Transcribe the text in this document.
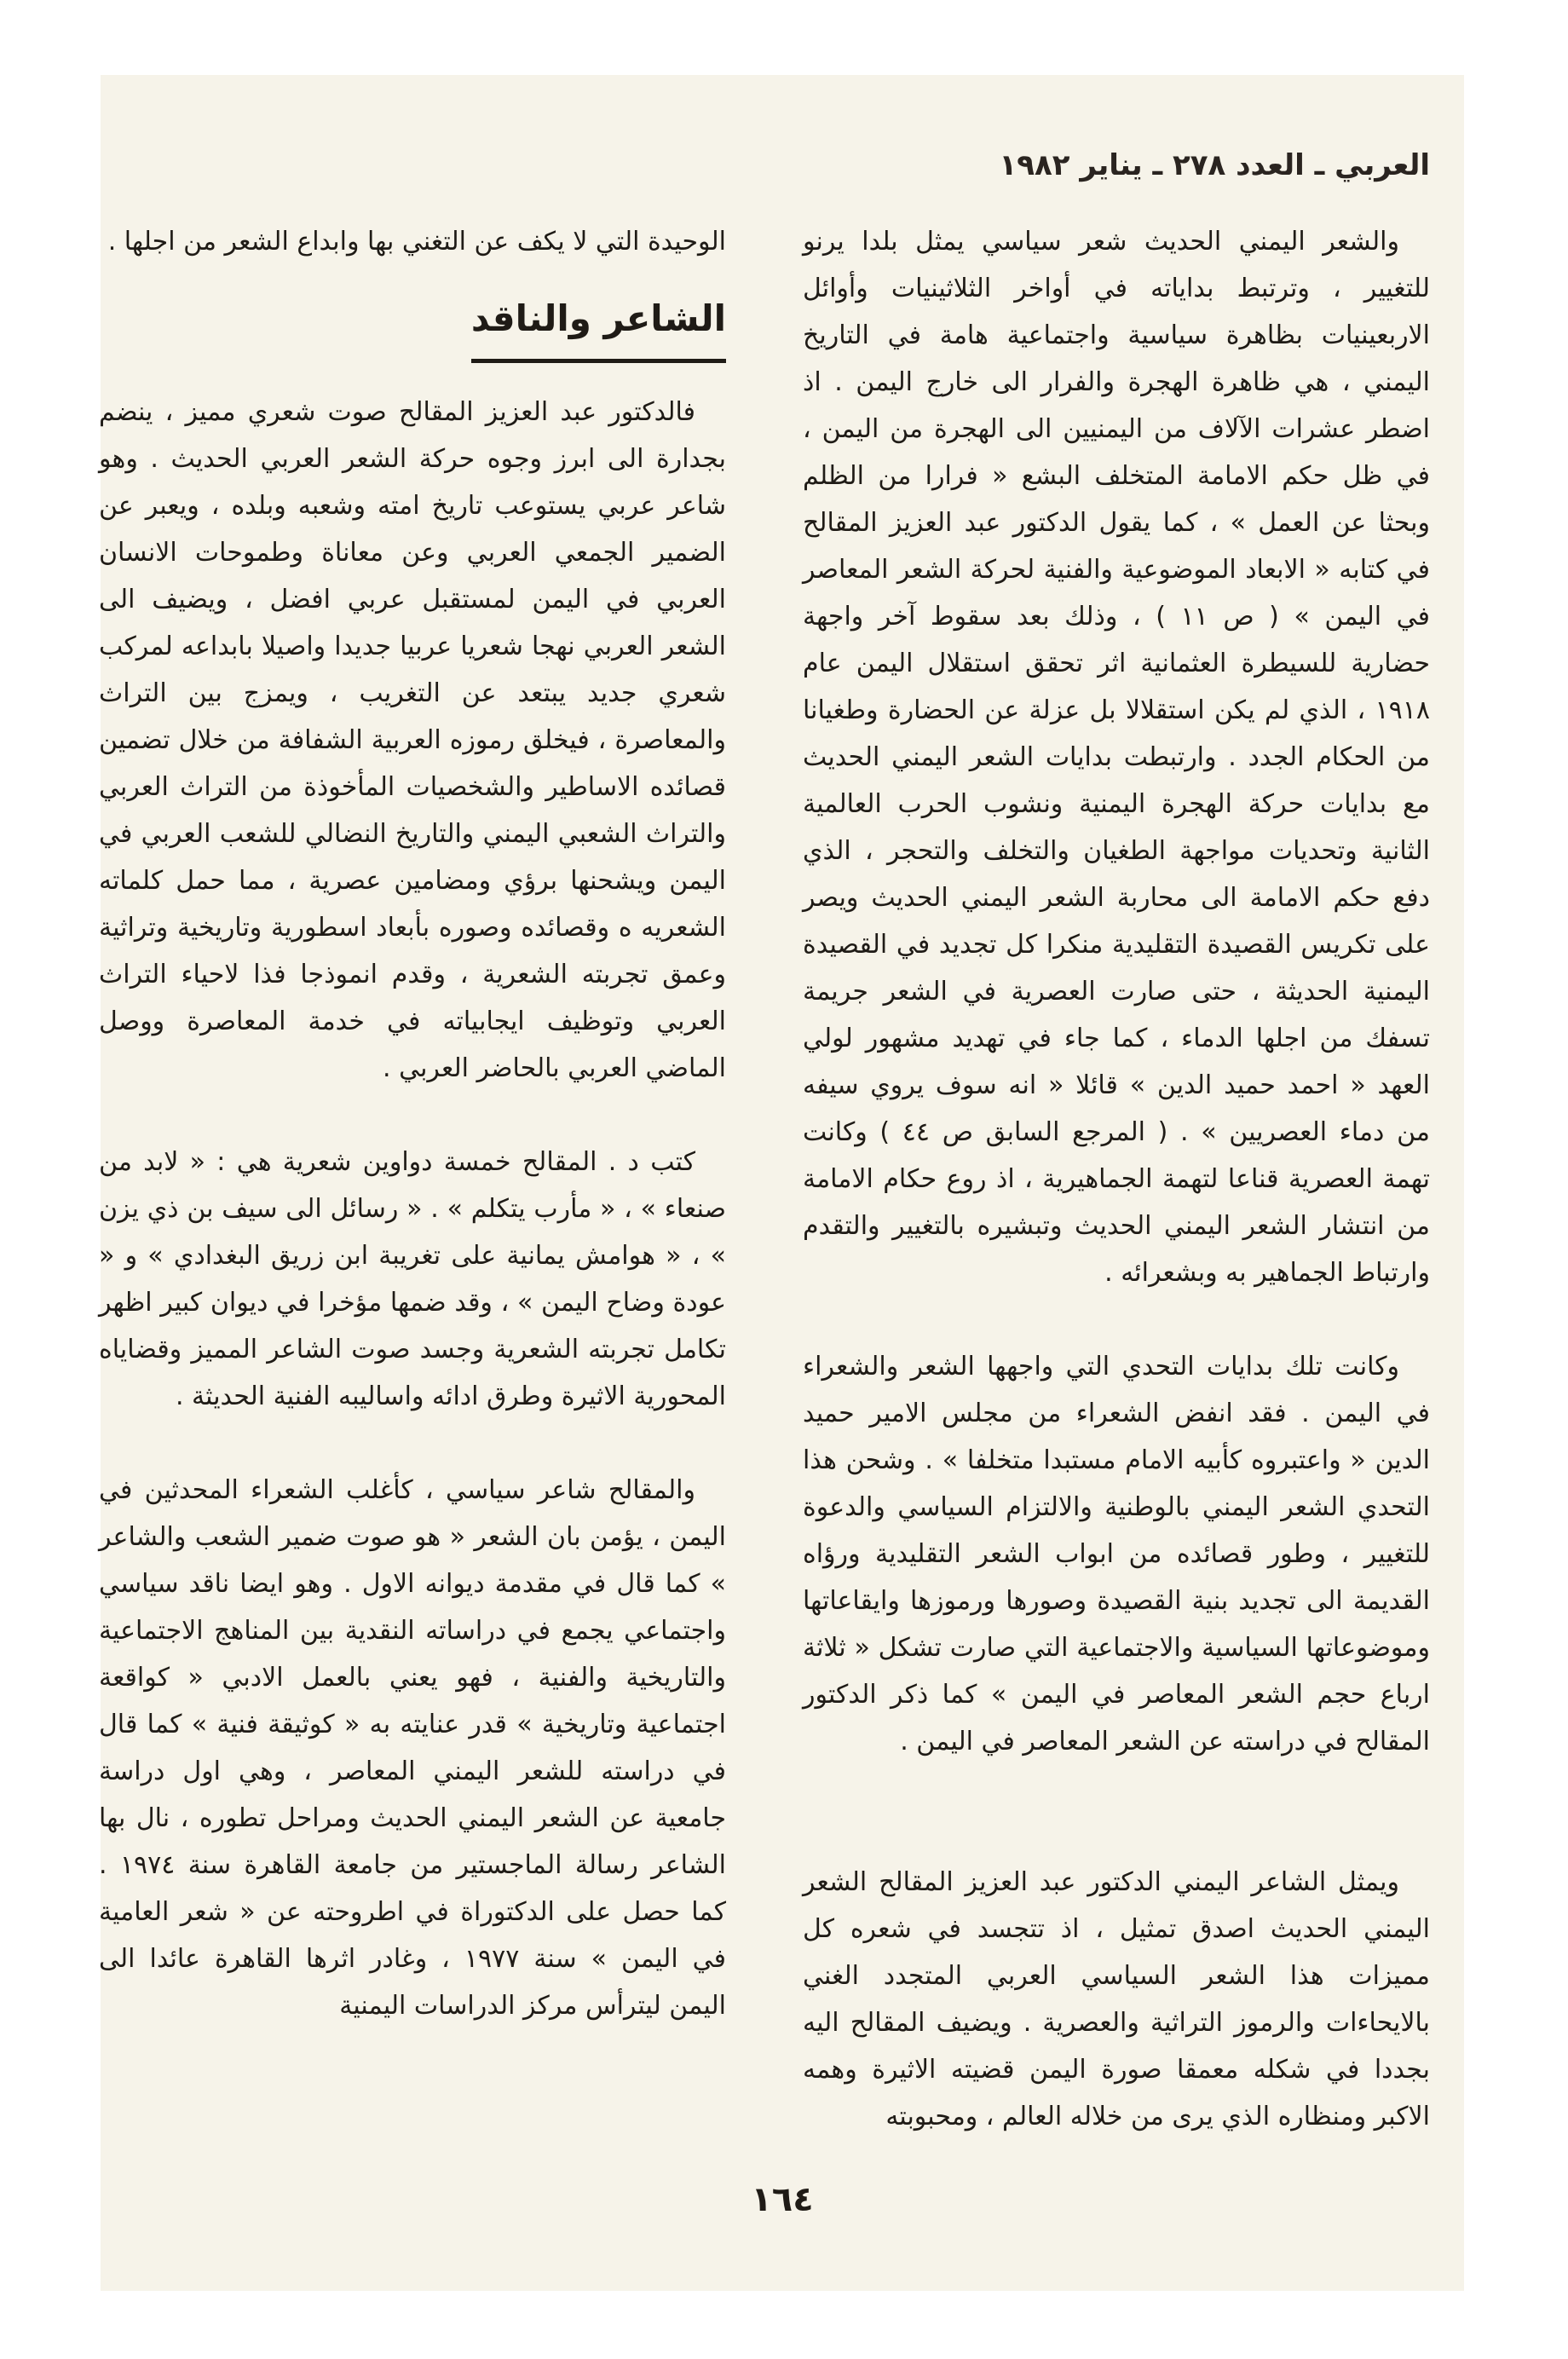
العربي ـ العدد ٢٧٨ ـ يناير ١٩٨٢

والشعر اليمني الحديث شعر سياسي يمثل بلدا يرنو للتغيير ، وترتبط بداياته في أواخر الثلاثينيات وأوائل الاربعينيات بظاهرة سياسية واجتماعية هامة في التاريخ اليمني ، هي ظاهرة الهجرة والفرار الى خارج اليمن . اذ اضطر عشرات الآلاف من اليمنيين الى الهجرة من اليمن ، في ظل حكم الامامة المتخلف البشع « فرارا من الظلم وبحثا عن العمل » ، كما يقول الدكتور عبد العزيز المقالح في كتابه « الابعاد الموضوعية والفنية لحركة الشعر المعاصر في اليمن » ( ص ١١ ) ، وذلك بعد سقوط آخر واجهة حضارية للسيطرة العثمانية اثر تحقق استقلال اليمن عام ١٩١٨ ، الذي لم يكن استقلالا بل عزلة عن الحضارة وطغيانا من الحكام الجدد . وارتبطت بدايات الشعر اليمني الحديث مع بدايات حركة الهجرة اليمنية ونشوب الحرب العالمية الثانية وتحديات مواجهة الطغيان والتخلف والتحجر ، الذي دفع حكم الامامة الى محاربة الشعر اليمني الحديث ويصر على تكريس القصيدة التقليدية منكرا كل تجديد في القصيدة اليمنية الحديثة ، حتى صارت العصرية في الشعر جريمة تسفك من اجلها الدماء ، كما جاء في تهديد مشهور لولي العهد « احمد حميد الدين » قائلا « انه سوف يروي سيفه من دماء العصريين » . ( المرجع السابق ص ٤٤ ) وكانت تهمة العصرية قناعا لتهمة الجماهيرية ، اذ روع حكام الامامة من انتشار الشعر اليمني الحديث وتبشيره بالتغيير والتقدم وارتباط الجماهير به وبشعرائه .

وكانت تلك بدايات التحدي التي واجهها الشعر والشعراء في اليمن . فقد انفض الشعراء من مجلس الامير حميد الدين « واعتبروه كأبيه الامام مستبدا متخلفا » . وشحن هذا التحدي الشعر اليمني بالوطنية والالتزام السياسي والدعوة للتغيير ، وطور قصائده من ابواب الشعر التقليدية ورؤاه القديمة الى تجديد بنية القصيدة وصورها ورموزها وايقاعاتها وموضوعاتها السياسية والاجتماعية التي صارت تشكل « ثلاثة ارباع حجم الشعر المعاصر في اليمن » كما ذكر الدكتور المقالح في دراسته عن الشعر المعاصر في اليمن .

ويمثل الشاعر اليمني الدكتور عبد العزيز المقالح الشعر اليمني الحديث اصدق تمثيل ، اذ تتجسد في شعره كل مميزات هذا الشعر السياسي العربي المتجدد الغني بالايحاءات والرموز التراثية والعصرية . ويضيف المقالح اليه بجددا في شكله معمقا صورة اليمن قضيته الاثيرة وهمه الاكبر ومنظاره الذي يرى من خلاله العالم ، ومحبوبته

الوحيدة التي لا يكف عن التغني بها وابداع الشعر من اجلها .

الشاعر والناقد

فالدكتور عبد العزيز المقالح صوت شعري مميز ، ينضم بجدارة الى ابرز وجوه حركة الشعر العربي الحديث . وهو شاعر عربي يستوعب تاريخ امته وشعبه وبلده ، ويعبر عن الضمير الجمعي العربي وعن معاناة وطموحات الانسان العربي في اليمن لمستقبل عربي افضل ، ويضيف الى الشعر العربي نهجا شعريا عربيا جديدا واصيلا بابداعه لمركب شعري جديد يبتعد عن التغريب ، ويمزج بين التراث والمعاصرة ، فيخلق رموزه العربية الشفافة من خلال تضمين قصائده الاساطير والشخصيات المأخوذة من التراث العربي والتراث الشعبي اليمني والتاريخ النضالي للشعب العربي في اليمن ويشحنها برؤي ومضامين عصرية ، مما حمل كلماته الشعريه ه وقصائده وصوره بأبعاد اسطورية وتاريخية وتراثية وعمق تجربته الشعرية ، وقدم انموذجا فذا لاحياء التراث العربي وتوظيف ايجابياته في خدمة المعاصرة ووصل الماضي العربي بالحاضر العربي .

كتب د . المقالح خمسة دواوين شعرية هي : « لابد من صنعاء » ، « مأرب يتكلم » . « رسائل الى سيف بن ذي يزن » ، « هوامش يمانية على تغريبة ابن زريق البغدادي » و « عودة وضاح اليمن » ، وقد ضمها مؤخرا في ديوان كبير اظهر تكامل تجربته الشعرية وجسد صوت الشاعر المميز وقضاياه المحورية الاثيرة وطرق ادائه واساليبه الفنية الحديثة .

والمقالح شاعر سياسي ، كأغلب الشعراء المحدثين في اليمن ، يؤمن بان الشعر « هو صوت ضمير الشعب والشاعر » كما قال في مقدمة ديوانه الاول . وهو ايضا ناقد سياسي واجتماعي يجمع في دراساته النقدية بين المناهج الاجتماعية والتاريخية والفنية ، فهو يعني بالعمل الادبي « كواقعة اجتماعية وتاريخية » قدر عنايته به « كوثيقة فنية » كما قال في دراسته للشعر اليمني المعاصر ، وهي اول دراسة جامعية عن الشعر اليمني الحديث ومراحل تطوره ، نال بها الشاعر رسالة الماجستير من جامعة القاهرة سنة ١٩٧٤ . كما حصل على الدكتوراة في اطروحته عن « شعر العامية في اليمن » سنة ١٩٧٧ ، وغادر اثرها القاهرة عائدا الى اليمن ليترأس مركز الدراسات اليمنية

١٦٤
